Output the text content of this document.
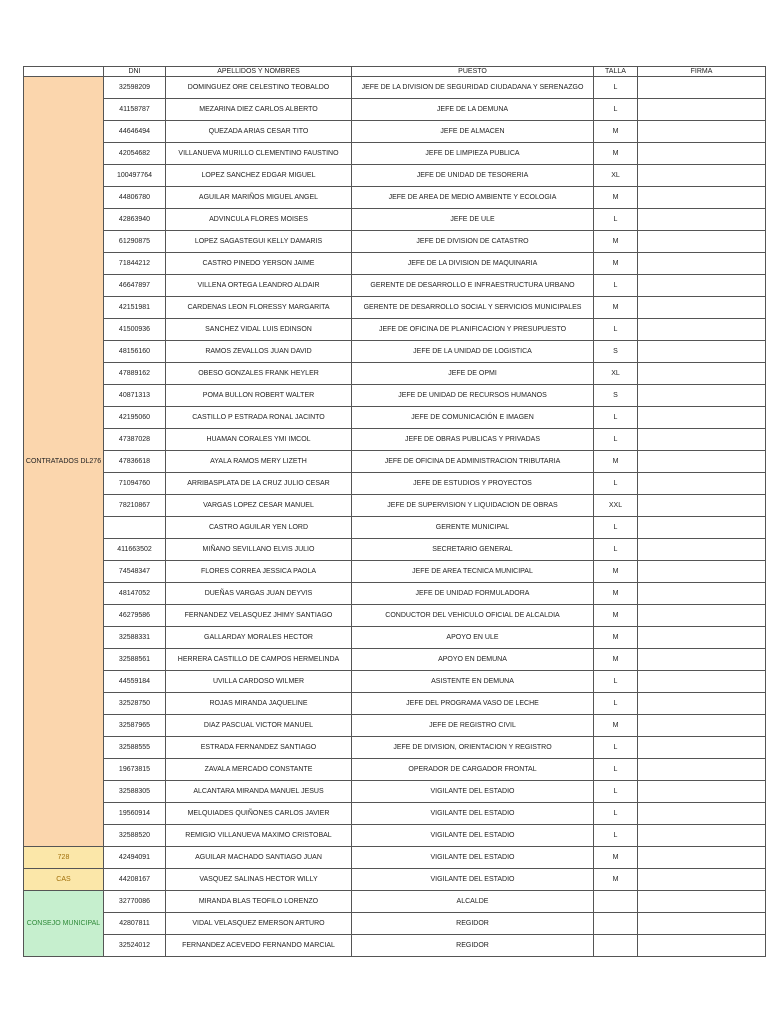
	DNI	APELLIDOS Y NOMBRES	PUESTO	TALLA	FIRMA
CONTRATADOS DL276	32598209	DOMINGUEZ ORE CELESTINO TEOBALDO	JEFE DE LA DIVISION DE SEGURIDAD CIUDADANA Y SERENAZGO	L	
	41158787	MEZARINA DIEZ CARLOS ALBERTO	JEFE DE LA DEMUNA	L	
	44646494	QUEZADA ARIAS CESAR TITO	JEFE DE ALMACEN	M	
	42054682	VILLANUEVA MURILLO CLEMENTINO FAUSTINO	JEFE DE LIMPIEZA PUBLICA	M	
	100497764	LOPEZ SANCHEZ EDGAR MIGUEL	JEFE DE UNIDAD DE TESORERIA	XL	
	44806780	AGUILAR MARIÑOS MIGUEL ANGEL	JEFE DE AREA DE MEDIO AMBIENTE Y ECOLOGIA	M	
	42863940	ADVINCULA FLORES MOISES	JEFE DE ULE	L	
	61290875	LOPEZ SAGASTEGUI KELLY DAMARIS	JEFE DE DIVISION DE CATASTRO	M	
	71844212	CASTRO PINEDO YERSON JAIME	JEFE DE LA DIVISION DE MAQUINARIA	M	
	46647897	VILLENA ORTEGA LEANDRO ALDAIR	GERENTE DE DESARROLLO E INFRAESTRUCTURA URBANO	L	
	42151981	CARDENAS LEON FLORESSY MARGARITA	GERENTE DE DESARROLLO SOCIAL Y SERVICIOS MUNICIPALES	M	
	41500936	SANCHEZ VIDAL LUIS EDINSON	JEFE DE OFICINA DE PLANIFICACION Y PRESUPUESTO	L	
	48156160	RAMOS ZEVALLOS JUAN DAVID	JEFE DE LA UNIDAD DE LOGISTICA	S	
	47889162	OBESO GONZALES FRANK HEYLER	JEFE DE OPMI	XL	
	40871313	POMA BULLON ROBERT WALTER	JEFE DE UNIDAD DE RECURSOS HUMANOS	S	
	42195060	CASTILLO P ESTRADA RONAL JACINTO	JEFE DE COMUNICACIÓN E IMAGEN	L	
	47387028	HUAMAN CORALES YMI IMCOL	JEFE DE OBRAS PUBLICAS Y PRIVADAS	L	
	47836618	AYALA RAMOS MERY LIZETH	JEFE DE OFICINA DE ADMINISTRACION TRIBUTARIA	M	
	71094760	ARRIBASPLATA DE LA CRUZ JULIO CESAR	JEFE DE ESTUDIOS Y PROYECTOS	L	
	78210867	VARGAS LOPEZ CESAR MANUEL	JEFE DE SUPERVISION Y LIQUIDACION DE OBRAS	XXL	
		CASTRO AGUILAR YEN LORD	GERENTE MUNICIPAL	L	
	411663502	MIÑANO SEVILLANO ELVIS JULIO	SECRETARIO GENERAL	L	
	74548347	FLORES CORREA JESSICA PAOLA	JEFE DE AREA TECNICA MUNICIPAL	M	
	48147052	DUEÑAS VARGAS JUAN DEYVIS	JEFE DE UNIDAD FORMULADORA	M	
	46279586	FERNANDEZ VELASQUEZ JHIMY SANTIAGO	CONDUCTOR DEL VEHICULO OFICIAL DE ALCALDIA	M	
	32588331	GALLARDAY MORALES HECTOR	APOYO EN ULE	M	
	32588561	HERRERA CASTILLO DE CAMPOS HERMELINDA	APOYO EN DEMUNA	M	
	44559184	UVILLA CARDOSO WILMER	ASISTENTE EN DEMUNA	L	
	32528750	ROJAS MIRANDA JAQUELINE	JEFE DEL PROGRAMA VASO DE LECHE	L	
	32587965	DIAZ PASCUAL VICTOR MANUEL	JEFE DE REGISTRO CIVIL	M	
	32588555	ESTRADA FERNANDEZ SANTIAGO	JEFE DE DIVISION, ORIENTACION Y REGISTRO	L	
	19673815	ZAVALA MERCADO CONSTANTE	OPERADOR DE CARGADOR FRONTAL	L	
	32588305	ALCANTARA MIRANDA MANUEL JESUS	VIGILANTE DEL ESTADIO	L	
	19560914	MELQUIADES QUIÑONES CARLOS JAVIER	VIGILANTE DEL ESTADIO	L	
	32588520	REMIGIO VILLANUEVA MAXIMO CRISTOBAL	VIGILANTE DEL ESTADIO	L	
728	42494091	AGUILAR MACHADO SANTIAGO JUAN	VIGILANTE DEL ESTADIO	M	
CAS	44208167	VASQUEZ SALINAS HECTOR WILLY	VIGILANTE DEL ESTADIO	M	
CONSEJO MUNICIPAL	32770086	MIRANDA BLAS TEOFILO LORENZO	ALCALDE		
	42807811	VIDAL VELASQUEZ EMERSON ARTURO	REGIDOR		
	32524012	FERNANDEZ ACEVEDO FERNANDO MARCIAL	REGIDOR		
